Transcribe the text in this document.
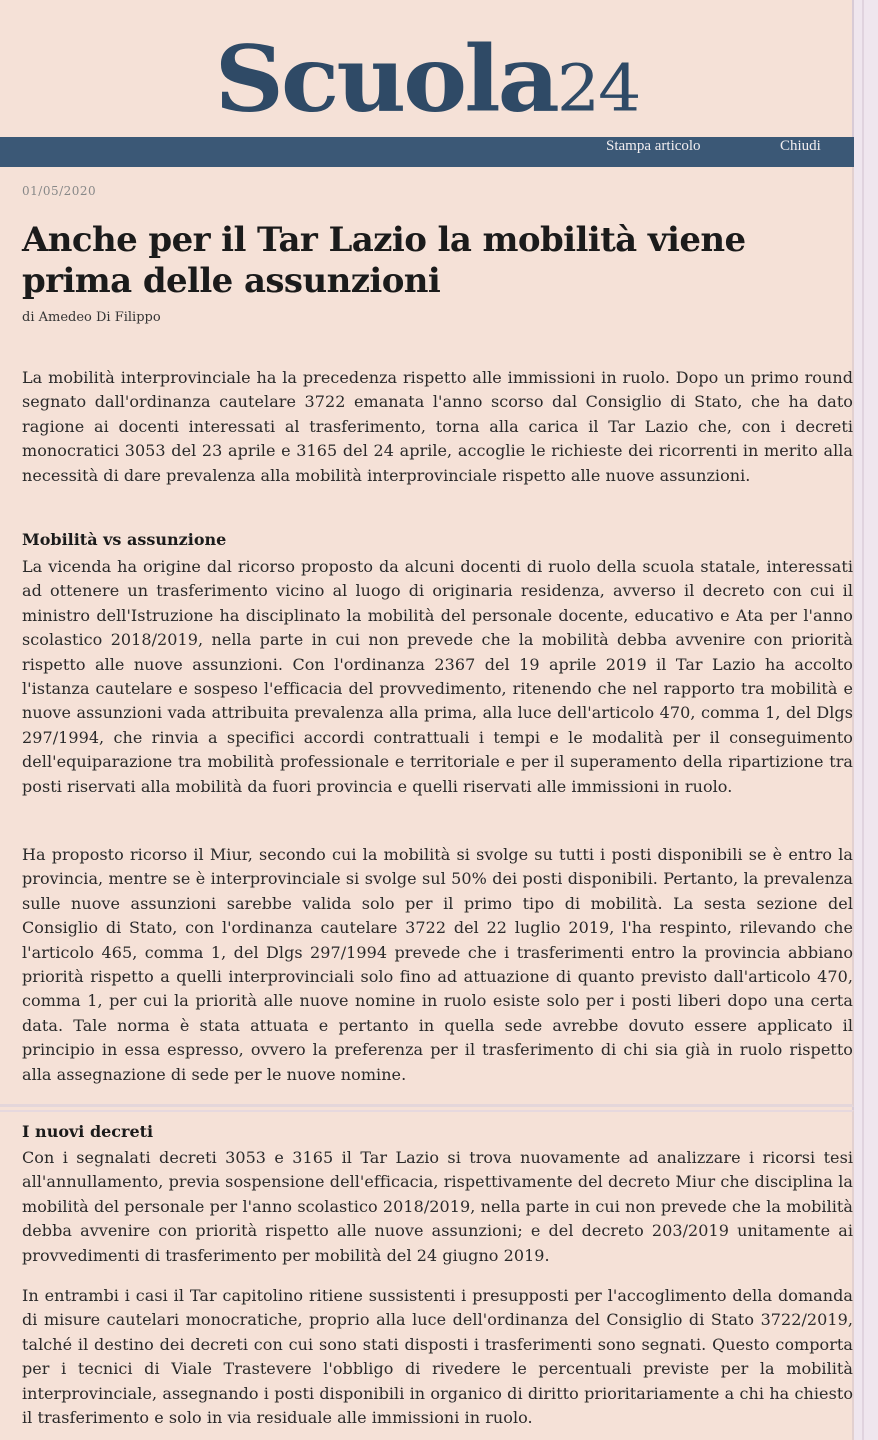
Scuola24
Stampa articolo	Chiudi
01/05/2020
Anche per il Tar Lazio la mobilità viene prima delle assunzioni
di Amedeo Di Filippo

La mobilità interprovinciale ha la precedenza rispetto alle immissioni in ruolo. Dopo un primo round segnato dall'ordinanza cautelare 3722 emanata l'anno scorso dal Consiglio di Stato, che ha dato ragione ai docenti interessati al trasferimento, torna alla carica il Tar Lazio che, con i decreti monocratici 3053 del 23 aprile e 3165 del 24 aprile, accoglie le richieste dei ricorrenti in merito alla necessità di dare prevalenza alla mobilità interprovinciale rispetto alle nuove assunzioni.

Mobilità vs assunzione

La vicenda ha origine dal ricorso proposto da alcuni docenti di ruolo della scuola statale, interessati ad ottenere un trasferimento vicino al luogo di originaria residenza, avverso il decreto con cui il ministro dell'Istruzione ha disciplinato la mobilità del personale docente, educativo e Ata per l'anno scolastico 2018/2019, nella parte in cui non prevede che la mobilità debba avvenire con priorità rispetto alle nuove assunzioni. Con l'ordinanza 2367 del 19 aprile 2019 il Tar Lazio ha accolto l'istanza cautelare e sospeso l'efficacia del provvedimento, ritenendo che nel rapporto tra mobilità e nuove assunzioni vada attribuita prevalenza alla prima, alla luce dell'articolo 470, comma 1, del Dlgs 297/1994, che rinvia a specifici accordi contrattuali i tempi e le modalità per il conseguimento dell'equiparazione tra mobilità professionale e territoriale e per il superamento della ripartizione tra posti riservati alla mobilità da fuori provincia e quelli riservati alle immissioni in ruolo.

Ha proposto ricorso il Miur, secondo cui la mobilità si svolge su tutti i posti disponibili se è entro la provincia, mentre se è interprovinciale si svolge sul 50% dei posti disponibili. Pertanto, la prevalenza sulle nuove assunzioni sarebbe valida solo per il primo tipo di mobilità. La sesta sezione del Consiglio di Stato, con l'ordinanza cautelare 3722 del 22 luglio 2019, l'ha respinto, rilevando che l'articolo 465, comma 1, del Dlgs 297/1994 prevede che i trasferimenti entro la provincia abbiano priorità rispetto a quelli interprovinciali solo fino ad attuazione di quanto previsto dall'articolo 470, comma 1, per cui la priorità alle nuove nomine in ruolo esiste solo per i posti liberi dopo una certa data. Tale norma è stata attuata e pertanto in quella sede avrebbe dovuto essere applicato il principio in essa espresso, ovvero la preferenza per il trasferimento di chi sia già in ruolo rispetto alla assegnazione di sede per le nuove nomine.

I nuovi decreti

Con i segnalati decreti 3053 e 3165 il Tar Lazio si trova nuovamente ad analizzare i ricorsi tesi all'annullamento, previa sospensione dell'efficacia, rispettivamente del decreto Miur che disciplina la mobilità del personale per l'anno scolastico 2018/2019, nella parte in cui non prevede che la mobilità debba avvenire con priorità rispetto alle nuove assunzioni; e del decreto 203/2019 unitamente ai provvedimenti di trasferimento per mobilità del 24 giugno 2019.

In entrambi i casi il Tar capitolino ritiene sussistenti i presupposti per l'accoglimento della domanda di misure cautelari monocratiche, proprio alla luce dell'ordinanza del Consiglio di Stato 3722/2019, talché il destino dei decreti con cui sono stati disposti i trasferimenti sono segnati. Questo comporta per i tecnici di Viale Trastevere l'obbligo di rivedere le percentuali previste per la mobilità interprovinciale, assegnando i posti disponibili in organico di diritto prioritariamente a chi ha chiesto il trasferimento e solo in via residuale alle immissioni in ruolo.
